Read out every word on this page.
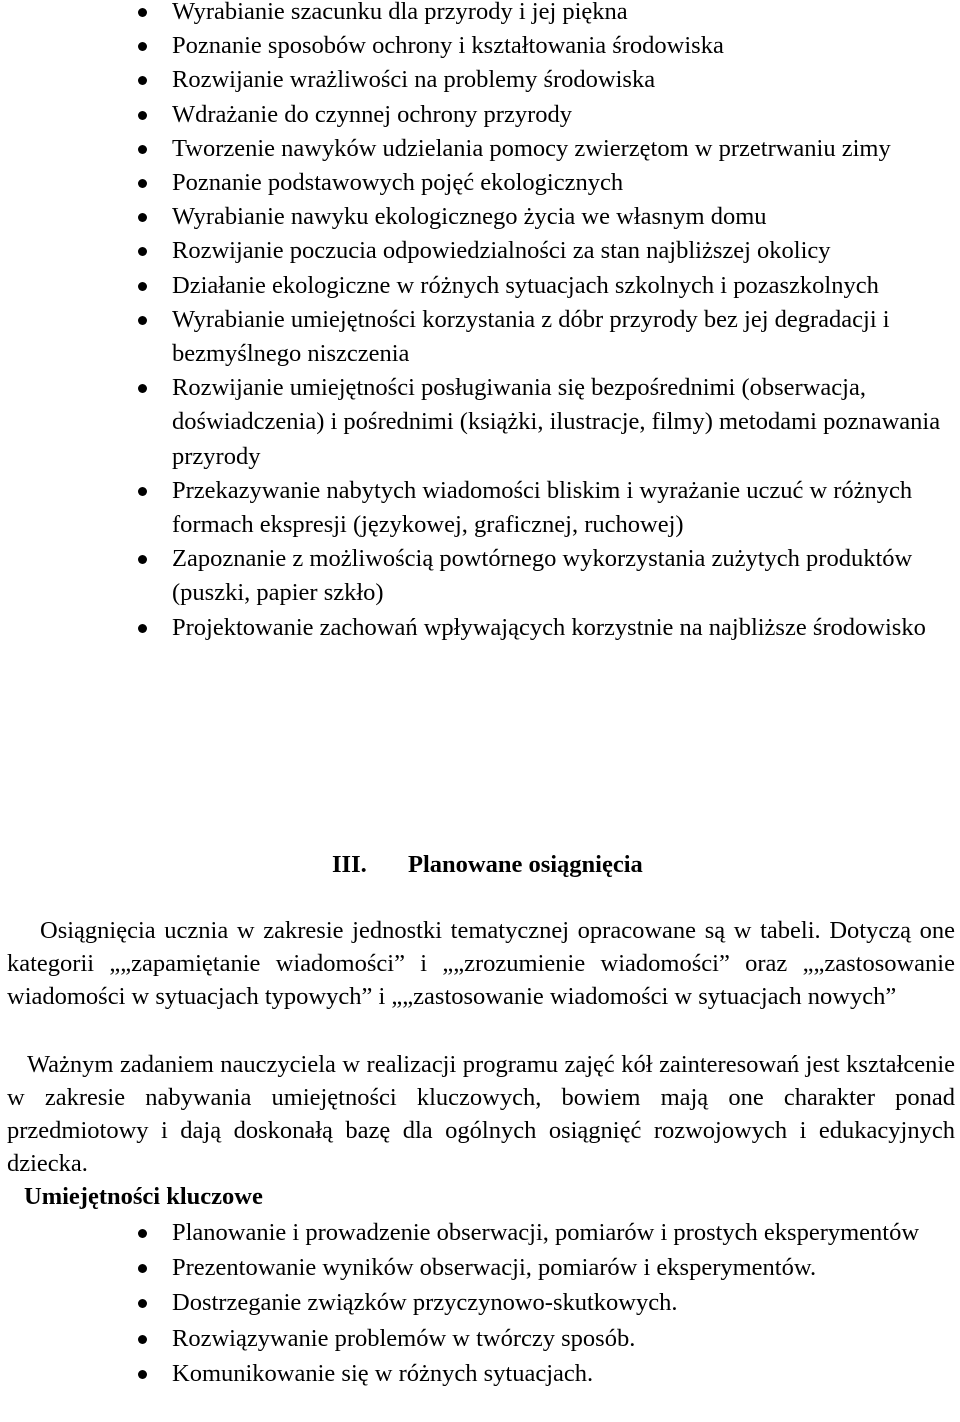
Wyrabianie szacunku dla przyrody i jej piękna
Poznanie sposobów ochrony i kształtowania środowiska
Rozwijanie wrażliwości na problemy środowiska
Wdrażanie do czynnej ochrony przyrody
Tworzenie nawyków udzielania pomocy zwierzętom w przetrwaniu zimy
Poznanie podstawowych pojęć ekologicznych
Wyrabianie nawyku ekologicznego życia we własnym domu
Rozwijanie poczucia odpowiedzialności za stan najbliższej okolicy
Działanie ekologiczne w różnych sytuacjach szkolnych i pozaszkolnych
Wyrabianie umiejętności korzystania z dóbr przyrody bez jej degradacji i bezmyślnego niszczenia
Rozwijanie umiejętności posługiwania się bezpośrednimi (obserwacja, doświadczenia) i pośrednimi (książki, ilustracje, filmy) metodami poznawania przyrody
Przekazywanie nabytych wiadomości bliskim i wyrażanie uczuć w różnych formach ekspresji (językowej, graficznej, ruchowej)
Zapoznanie z możliwością powtórnego wykorzystania zużytych produktów (puszki, papier szkło)
Projektowanie zachowań wpływających korzystnie na najbliższe środowisko
III. Planowane osiągnięcia

Osiągnięcia ucznia w zakresie jednostki tematycznej opracowane są w tabeli. Dotyczą one kategorii „„zapamiętanie wiadomości” i „„zrozumienie wiadomości” oraz „„zastosowanie wiadomości w sytuacjach typowych” i „„zastosowanie wiadomości w sytuacjach nowych”

Ważnym zadaniem nauczyciela w realizacji programu zajęć kół zainteresowań jest kształcenie w zakresie nabywania umiejętności kluczowych, bowiem mają one charakter ponad przedmiotowy i dają doskonałą bazę dla ogólnych osiągnięć rozwojowych i edukacyjnych dziecka.

Umiejętności kluczowe
Planowanie i prowadzenie obserwacji, pomiarów i prostych eksperymentów
Prezentowanie wyników obserwacji, pomiarów i eksperymentów.
Dostrzeganie związków przyczynowo-skutkowych.
Rozwiązywanie problemów w twórczy sposób.
Komunikowanie się w różnych sytuacjach.
